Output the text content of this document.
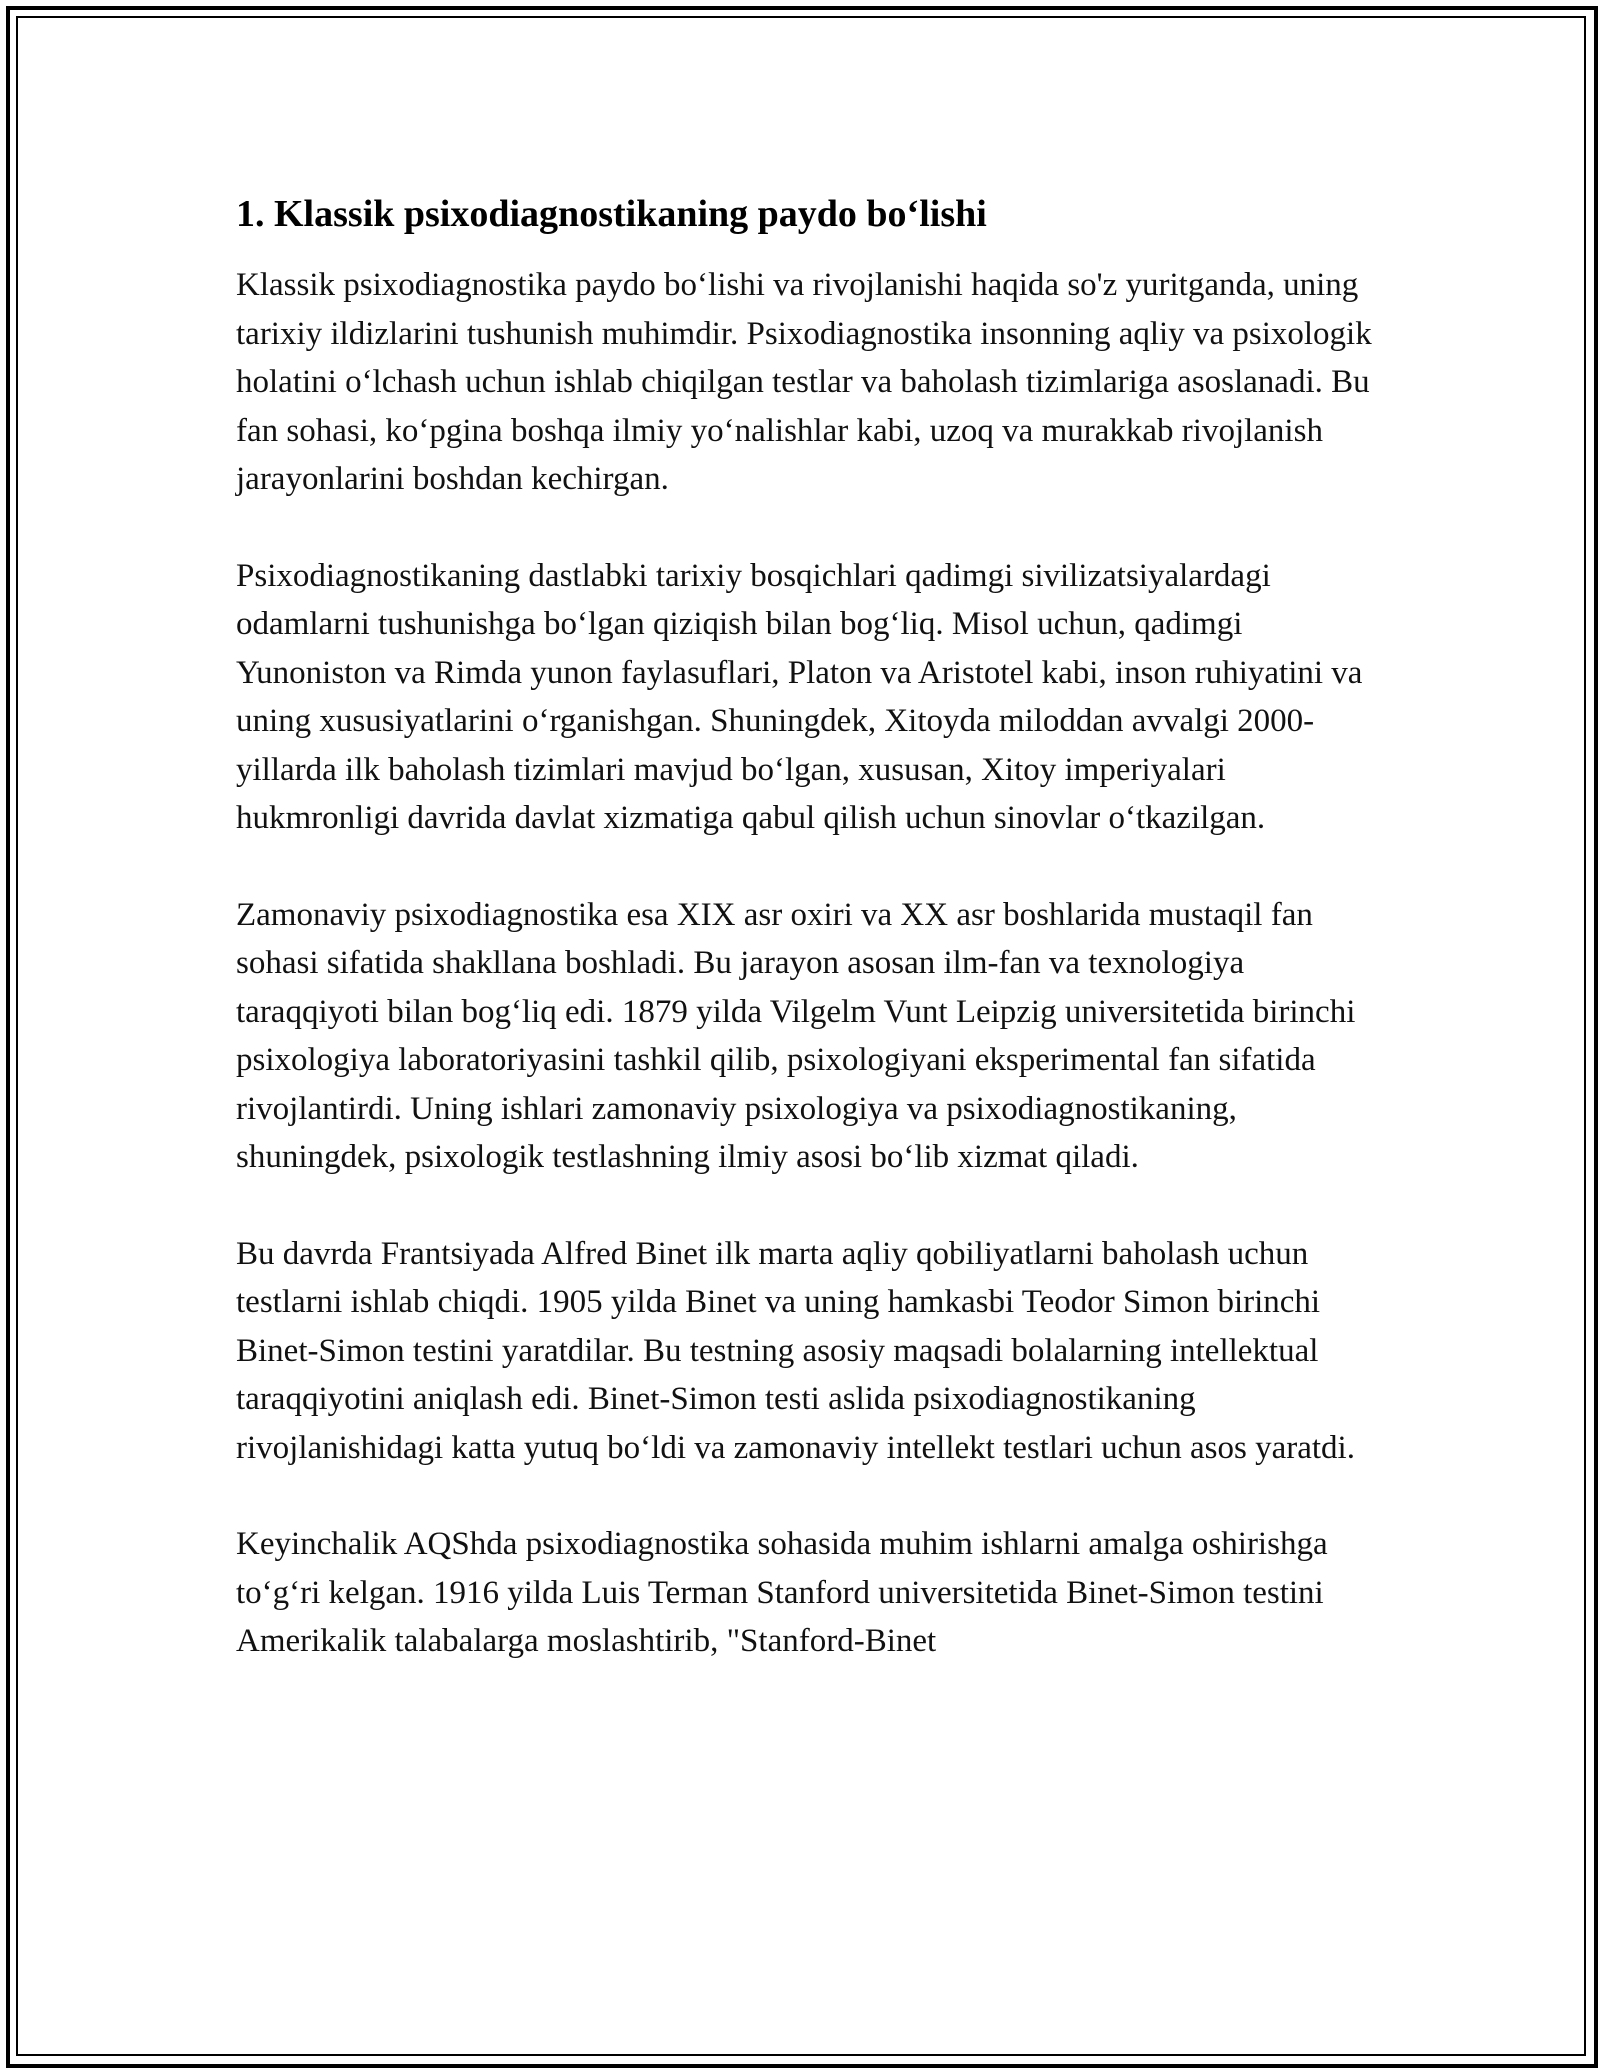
1. Klassik psixodiagnostikaning paydo bo‘lishi

Klassik psixodiagnostika paydo bo‘lishi va rivojlanishi haqida so'z yuritganda, uning tarixiy ildizlarini tushunish muhimdir. Psixodiagnostika insonning aqliy va psixologik holatini o‘lchash uchun ishlab chiqilgan testlar va baholash tizimlariga asoslanadi. Bu fan sohasi, ko‘pgina boshqa ilmiy yo‘nalishlar kabi, uzoq va murakkab rivojlanish jarayonlarini boshdan kechirgan.

Psixodiagnostikaning dastlabki tarixiy bosqichlari qadimgi sivilizatsiyalardagi odamlarni tushunishga bo‘lgan qiziqish bilan bog‘liq. Misol uchun, qadimgi Yunoniston va Rimda yunon faylasuflari, Platon va Aristotel kabi, inson ruhiyatini va uning xususiyatlarini o‘rganishgan. Shuningdek, Xitoyda miloddan avvalgi 2000-yillarda ilk baholash tizimlari mavjud bo‘lgan, xususan, Xitoy imperiyalari hukmronligi davrida davlat xizmatiga qabul qilish uchun sinovlar o‘tkazilgan.

Zamonaviy psixodiagnostika esa XIX asr oxiri va XX asr boshlarida mustaqil fan sohasi sifatida shakllana boshladi. Bu jarayon asosan ilm-fan va texnologiya taraqqiyoti bilan bog‘liq edi. 1879 yilda Vilgelm Vunt Leipzig universitetida birinchi psixologiya laboratoriyasini tashkil qilib, psixologiyani eksperimental fan sifatida rivojlantirdi. Uning ishlari zamonaviy psixologiya va psixodiagnostikaning, shuningdek, psixologik testlashning ilmiy asosi bo‘lib xizmat qiladi.

Bu davrda Frantsiyada Alfred Binet ilk marta aqliy qobiliyatlarni baholash uchun testlarni ishlab chiqdi. 1905 yilda Binet va uning hamkasbi Teodor Simon birinchi Binet-Simon testini yaratdilar. Bu testning asosiy maqsadi bolalarning intellektual taraqqiyotini aniqlash edi. Binet-Simon testi aslida psixodiagnostikaning rivojlanishidagi katta yutuq bo‘ldi va zamonaviy intellekt testlari uchun asos yaratdi.

Keyinchalik AQShda psixodiagnostika sohasida muhim ishlarni amalga oshirishga to‘g‘ri kelgan. 1916 yilda Luis Terman Stanford universitetida Binet-Simon testini Amerikalik talabalarga moslashtirib, "Stanford-Binet
